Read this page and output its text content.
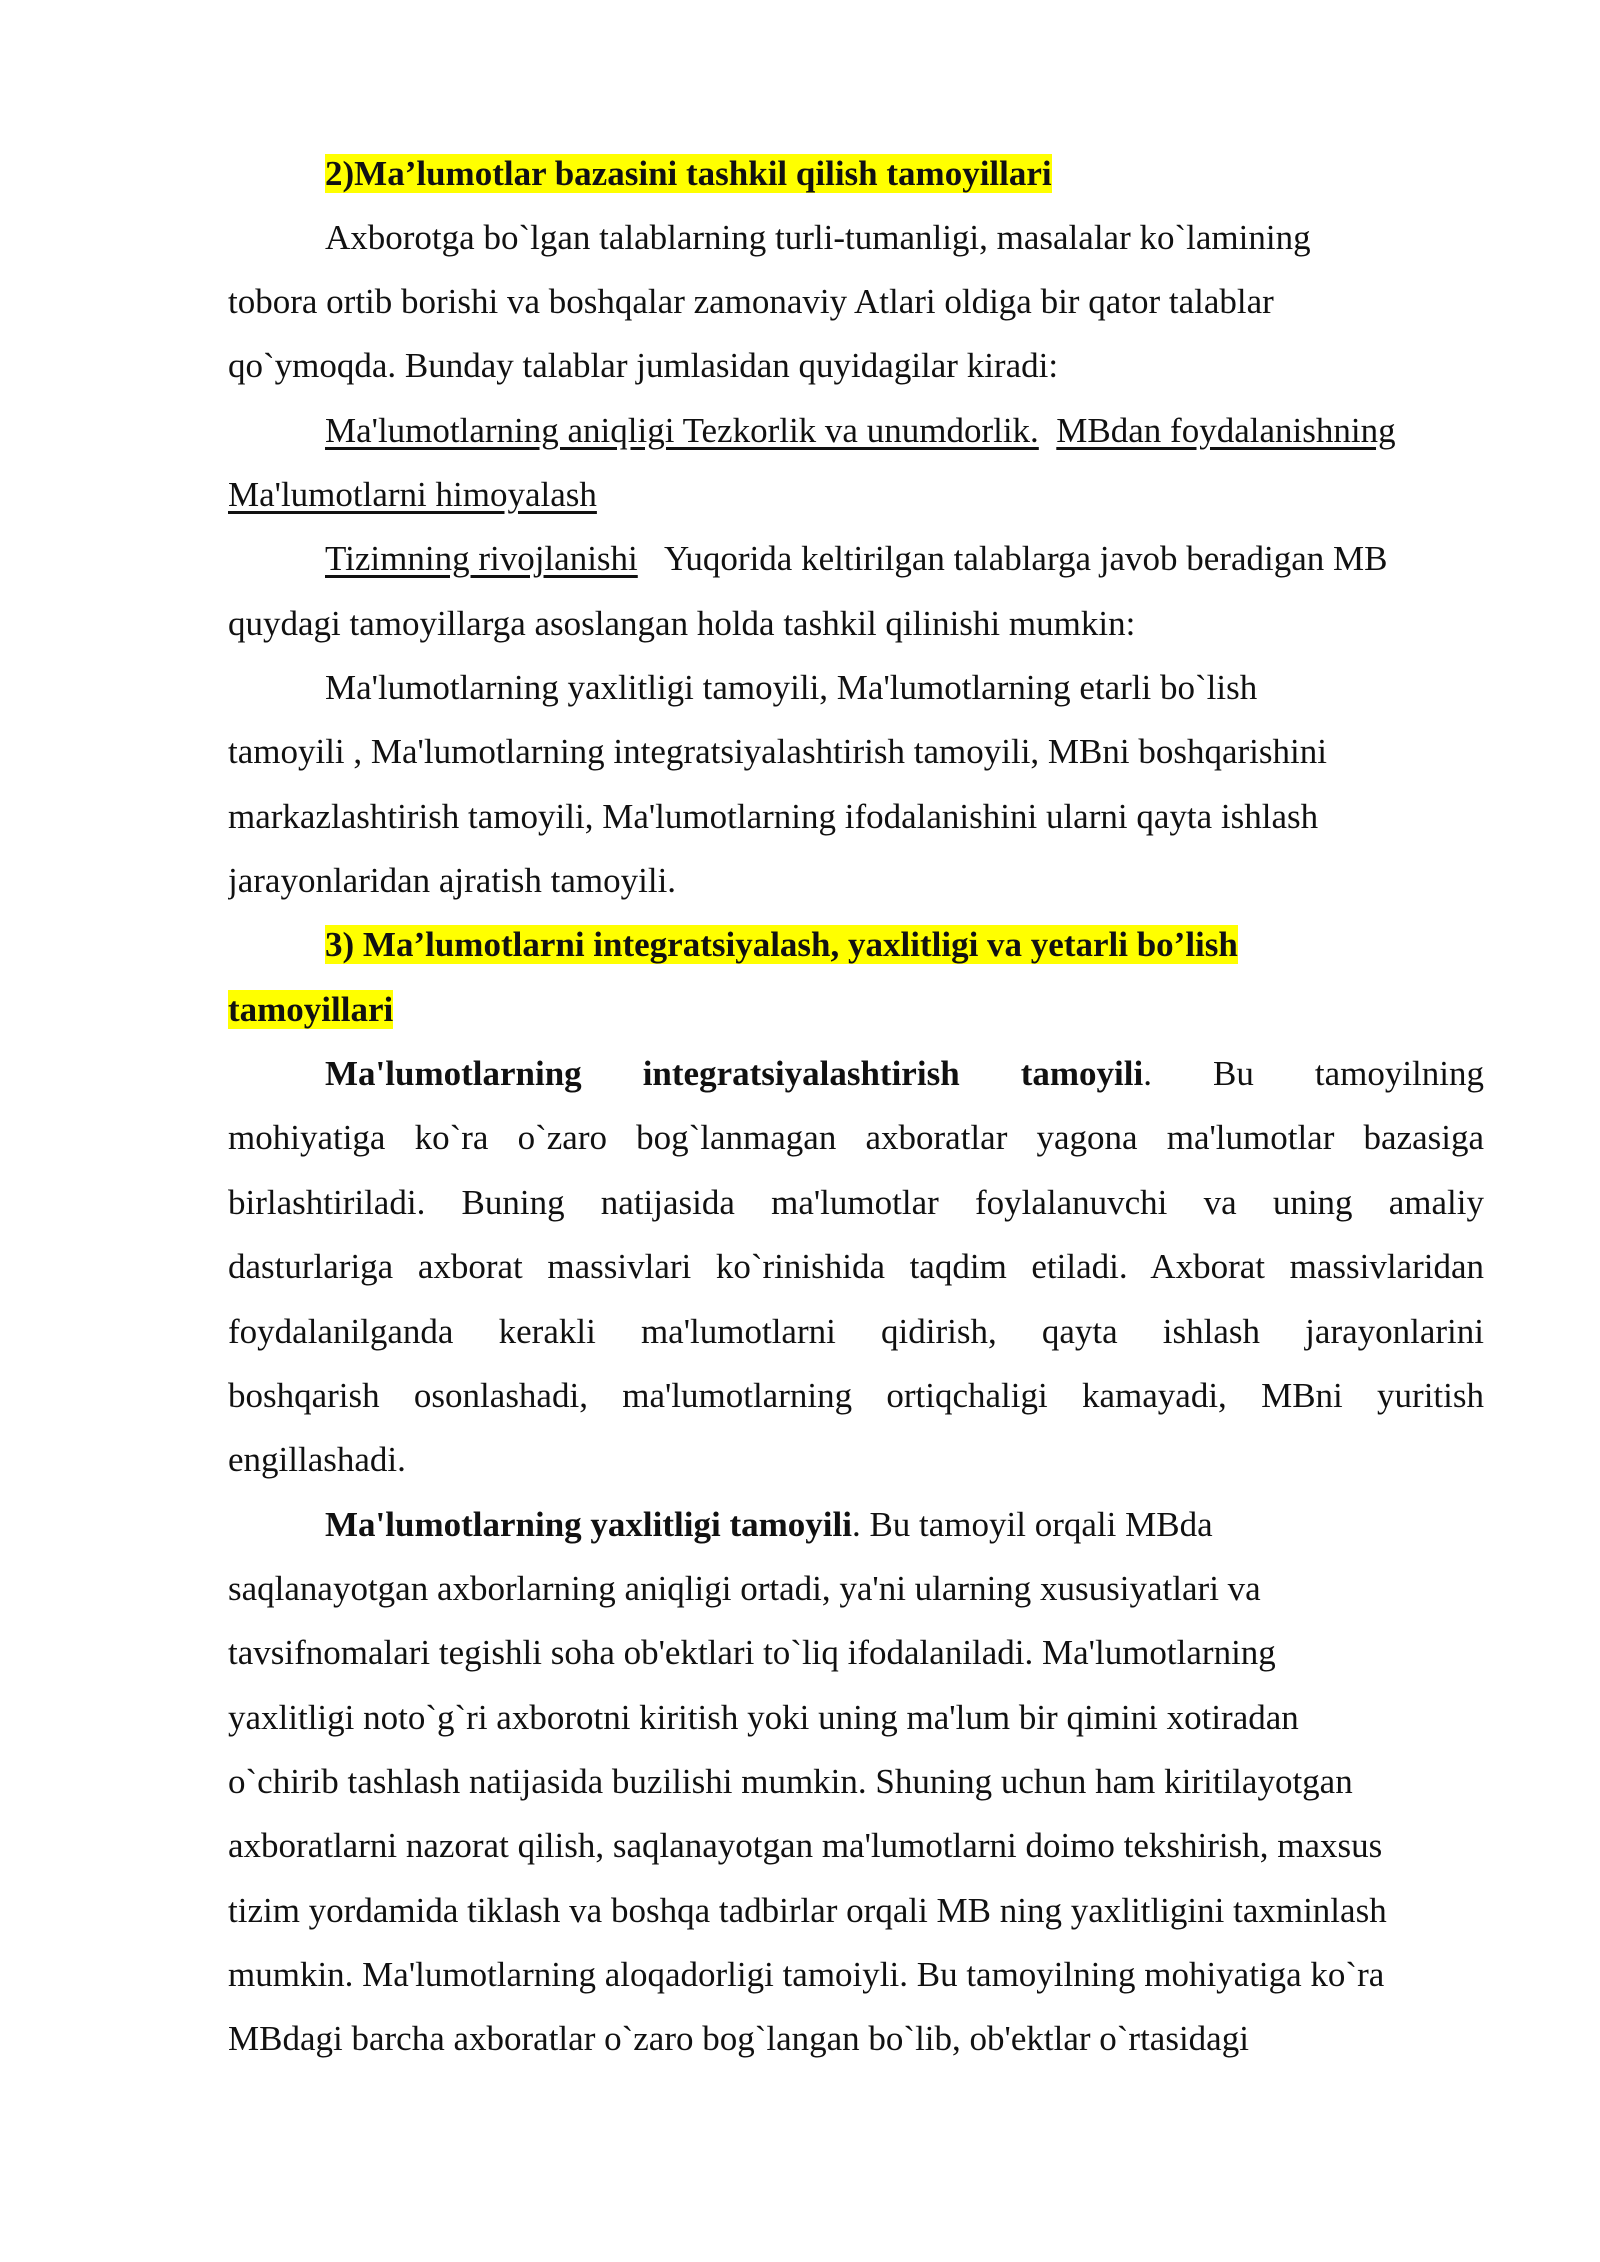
2)Ma’lumotlar bazasini tashkil qilish tamoyillari
Axborotga bo`lgan talablarning turli-tumanligi, masalalar ko`lamining
tobora ortib borishi va boshqalar zamonaviy Atlari oldiga bir qator talablar
qo`ymoqda. Bunday talablar jumlasidan quyidagilar kiradi:
Ma'lumotlarning aniqligi Tezkorlik va unumdorlik. MBdan foydalanishning
Ma'lumotlarni himoyalash
Tizimning rivojlanishi Yuqorida keltirilgan talablarga javob beradigan MB
quydagi tamoyillarga asoslangan holda tashkil qilinishi mumkin:
Ma'lumotlarning yaxlitligi tamoyili, Ma'lumotlarning etarli bo`lish
tamoyili , Ma'lumotlarning integratsiyalashtirish tamoyili, MBni boshqarishini
markazlashtirish tamoyili, Ma'lumotlarning ifodalanishini ularni qayta ishlash
jarayonlaridan ajratish tamoyili.
3) Ma’lumotlarni integratsiyalash, yaxlitligi va yetarli bo’lish
tamoyillari
Ma'lumotlarning integratsiyalashtirish tamoyili. Bu tamoyilning
mohiyatiga ko`ra o`zaro bog`lanmagan axboratlar yagona ma'lumotlar bazasiga
birlashtiriladi. Buning natijasida ma'lumotlar foylalanuvchi va uning amaliy
dasturlariga axborat massivlari ko`rinishida taqdim etiladi. Axborat massivlaridan
foydalanilganda kerakli ma'lumotlarni qidirish, qayta ishlash jarayonlarini
boshqarish osonlashadi, ma'lumotlarning ortiqchaligi kamayadi, MBni yuritish
engillashadi.
Ma'lumotlarning yaxlitligi tamoyili. Bu tamoyil orqali MBda
saqlanayotgan axborlarning aniqligi ortadi, ya'ni ularning xususiyatlari va
tavsifnomalari tegishli soha ob'ektlari to`liq ifodalaniladi. Ma'lumotlarning
yaxlitligi noto`g`ri axborotni kiritish yoki uning ma'lum bir qimini xotiradan
o`chirib tashlash natijasida buzilishi mumkin. Shuning uchun ham kiritilayotgan
axboratlarni nazorat qilish, saqlanayotgan ma'lumotlarni doimo tekshirish, maxsus
tizim yordamida tiklash va boshqa tadbirlar orqali MB ning yaxlitligini taxminlash
mumkin. Ma'lumotlarning aloqadorligi tamoiyli. Bu tamoyilning mohiyatiga ko`ra
MBdagi barcha axboratlar o`zaro bog`langan bo`lib, ob'ektlar o`rtasidagi
